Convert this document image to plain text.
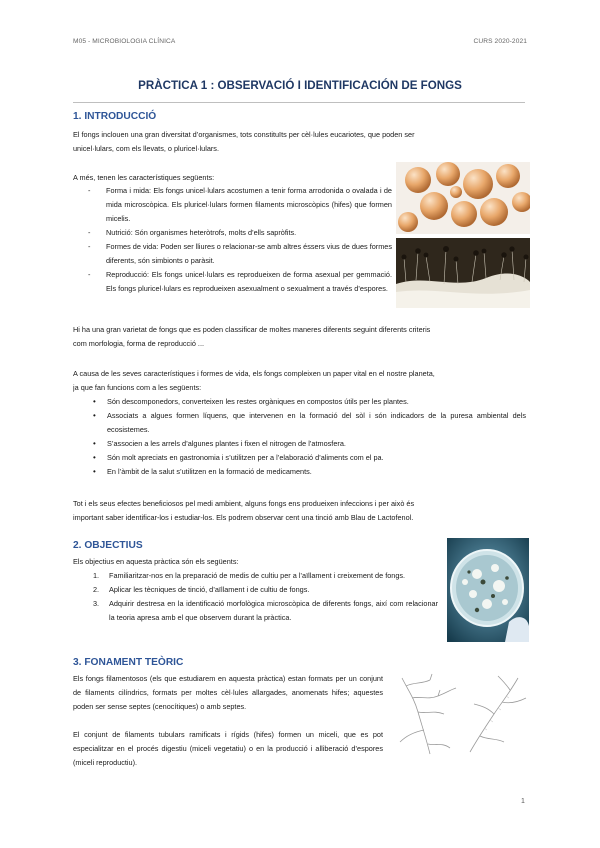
M05 - MICROBIOLOGIA CLÍNICA	CURS 2020-2021
PRÀCTICA 1 : OBSERVACIÓ I IDENTIFICACIÓN DE FONGS
1. INTRODUCCIÓ
El fongs inclouen una gran diversitat d’organismes, tots constituïts per cèl·lules eucariotes, que poden ser
unicel·lulars, com els llevats, o pluricel·lulars.
A més, tenen les característiques següents:
- Forma i mida: Els fongs unicel·lulars acostumen a tenir forma arrodonida o ovalada i de mida microscòpica. Els pluricel·lulars formen filaments microscòpics (hifes) que formen micelis.
- Nutrició: Són organismes heteròtrofs, molts d’ells sapròfits.
- Formes de vida: Poden ser lliures o relacionar-se amb altres éssers vius de dues formes diferents, són simbionts o paràsit.
- Reproducció: Els fongs unicel·lulars es reprodueixen de forma asexual per gemmació. Els fongs pluricel·lulars es reprodueixen asexualment o sexualment a través d’espores.
Hi ha una gran varietat de fongs que es poden classificar de moltes maneres diferents seguint diferents criteris
com morfologia, forma de reproducció ...
A causa de les seves característiques i formes de vida, els fongs compleixen un paper vital en el nostre planeta,
ja que fan funcions com a les següents:
• Són descomponedors, converteixen les restes orgàniques en compostos útils per les plantes.
• Associats a algues formen líquens, que intervenen en la formació del sòl i són indicadors de la puresa ambiental dels ecosistemes.
• S’associen a les arrels d’algunes plantes i fixen el nitrogen de l’atmosfera.
• Són molt apreciats en gastronomia i s’utilitzen per a l’elaboració d’aliments com el pa.
• En l’àmbit de la salut s’utilitzen en la formació de medicaments.
Tot i els seus efectes beneficiosos pel medi ambient, alguns fongs ens produeixen infeccions i per això és
important saber identificar-los i estudiar-los. Els podrem observar cent una tinció amb Blau de Lactofenol.
2. OBJECTIUS
Els objectius en aquesta pràctica són els següents:
1. Familiaritzar-nos en la preparació de medis de cultiu per a l’aïllament i creixement de fongs.
2. Aplicar les tècniques de tinció, d’aïllament i de cultiu de fongs.
3. Adquirir destresa en la identificació morfològica microscòpica de diferents fongs, així com relacionar la teoria apresa amb el que observem durant la pràctica.
3. FONAMENT TEÒRIC
Els fongs filamentosos (els que estudiarem en aquesta pràctica) estan formats per un conjunt de filaments cilíndrics, formats per moltes cèl·lules allargades, anomenats hifes; aquestes poden ser sense septes (cenocítiques) o amb septes.
El conjunt de filaments tubulars ramificats i rígids (hifes) formen un miceli, que es pot especialitzar en el procés digestiu (miceli vegetatiu) o en la producció i alliberació d’espores (miceli reproductiu).
1
